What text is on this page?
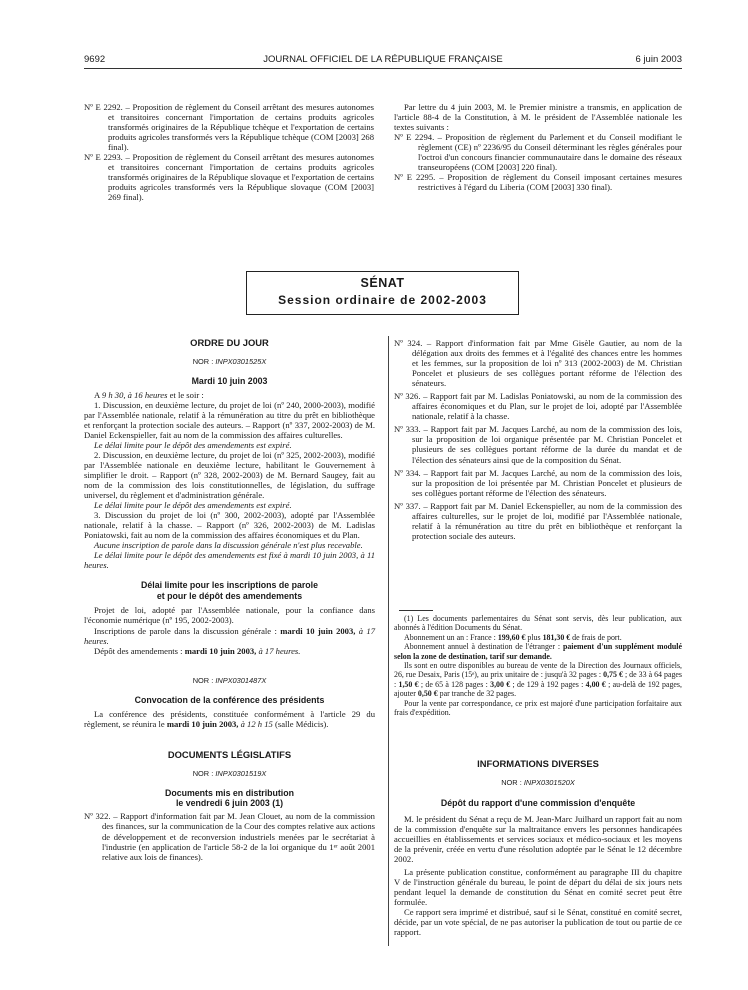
9692	JOURNAL OFFICIEL DE LA RÉPUBLIQUE FRANÇAISE	6 juin 2003

Nº E 2292. – Proposition de règlement du Conseil arrêtant des mesures autonomes et transitoires concernant l'importation de certains produits agricoles transformés originaires de la République tchèque et l'exportation de certains produits agricoles transformés vers la République tchèque (COM [2003] 268 final).

Nº E 2293. – Proposition de règlement du Conseil arrêtant des mesures autonomes et transitoires concernant l'importation de certains produits agricoles transformés originaires de la République slovaque et l'exportation de certains produits agricoles transformés vers la République slovaque (COM [2003] 269 final).

Par lettre du 4 juin 2003, M. le Premier ministre a transmis, en application de l'article 88-4 de la Constitution, à M. le président de l'Assemblée nationale les textes suivants :

Nº E 2294. – Proposition de règlement du Parlement et du Conseil modifiant le règlement (CE) nº 2236/95 du Conseil déterminant les règles générales pour l'octroi d'un concours financier communautaire dans le domaine des réseaux transeuropéens (COM [2003] 220 final).

Nº E 2295. – Proposition de règlement du Conseil imposant certaines mesures restrictives à l'égard du Liberia (COM [2003] 330 final).

SÉNAT
Session ordinaire de 2002-2003

ORDRE DU JOUR

NOR : INPX0301525X

Mardi 10 juin 2003

A 9 h 30, à 16 heures et le soir :

1. Discussion, en deuxième lecture, du projet de loi (nº 240, 2000-2003), modifié par l'Assemblée nationale, relatif à la rémunération au titre du prêt en bibliothèque et renforçant la protection sociale des auteurs. – Rapport (nº 337, 2002-2003) de M. Daniel Eckenspieller, fait au nom de la commission des affaires culturelles.

Le délai limite pour le dépôt des amendements est expiré.

2. Discussion, en deuxième lecture, du projet de loi (nº 325, 2002-2003), modifié par l'Assemblée nationale en deuxième lecture, habilitant le Gouvernement à simplifier le droit. – Rapport (nº 328, 2002-2003) de M. Bernard Saugey, fait au nom de la commission des lois constitutionnelles, de législation, du suffrage universel, du règlement et d'administration générale.

Le délai limite pour le dépôt des amendements est expiré.

3. Discussion du projet de loi (nº 300, 2002-2003), adopté par l'Assemblée nationale, relatif à la chasse. – Rapport (nº 326, 2002-2003) de M. Ladislas Poniatowski, fait au nom de la commission des affaires économiques et du Plan.

Aucune inscription de parole dans la discussion générale n'est plus recevable.

Le délai limite pour le dépôt des amendements est fixé à mardi 10 juin 2003, à 11 heures.

Délai limite pour les inscriptions de parole
et pour le dépôt des amendements

Projet de loi, adopté par l'Assemblée nationale, pour la confiance dans l'économie numérique (nº 195, 2002-2003).

Inscriptions de parole dans la discussion générale : mardi 10 juin 2003, à 17 heures.

Dépôt des amendements : mardi 10 juin 2003, à 17 heures.

NOR : INPX0301487X

Convocation de la conférence des présidents

La conférence des présidents, constituée conformément à l'article 29 du règlement, se réunira le mardi 10 juin 2003, à 12 h 15 (salle Médicis).

DOCUMENTS LÉGISLATIFS

NOR : INPX0301519X

Documents mis en distribution
le vendredi 6 juin 2003 (1)

Nº 322. – Rapport d'information fait par M. Jean Clouet, au nom de la commission des finances, sur la communication de la Cour des comptes relative aux actions de développement et de reconversion industriels menées par le secrétariat à l'industrie (en application de l'article 58-2 de la loi organique du 1ᵉʳ août 2001 relative aux lois de finances).

Nº 324. – Rapport d'information fait par Mme Gisèle Gautier, au nom de la délégation aux droits des femmes et à l'égalité des chances entre les hommes et les femmes, sur la proposition de loi nº 313 (2002-2003) de M. Christian Poncelet et plusieurs de ses collègues portant réforme de l'élection des sénateurs.

Nº 326. – Rapport fait par M. Ladislas Poniatowski, au nom de la commission des affaires économiques et du Plan, sur le projet de loi, adopté par l'Assemblée nationale, relatif à la chasse.

Nº 333. – Rapport fait par M. Jacques Larché, au nom de la commission des lois, sur la proposition de loi organique présentée par M. Christian Poncelet et plusieurs de ses collègues portant réforme de la durée du mandat et de l'élection des sénateurs ainsi que de la composition du Sénat.

Nº 334. – Rapport fait par M. Jacques Larché, au nom de la commission des lois, sur la proposition de loi présentée par M. Christian Poncelet et plusieurs de ses collègues portant réforme de l'élection des sénateurs.

Nº 337. – Rapport fait par M. Daniel Eckenspieller, au nom de la commission des affaires culturelles, sur le projet de loi, modifié par l'Assemblée nationale, relatif à la rémunération au titre du prêt en bibliothèque et renforçant la protection sociale des auteurs.

(1) Les documents parlementaires du Sénat sont servis, dès leur publication, aux abonnés à l'édition Documents du Sénat.

Abonnement un an : France : 199,60 € plus 181,30 € de frais de port.

Abonnement annuel à destination de l'étranger : paiement d'un supplément modulé selon la zone de destination, tarif sur demande.

Ils sont en outre disponibles au bureau de vente de la Direction des Journaux officiels, 26, rue Desaix, Paris (15ᵉ), au prix unitaire de : jusqu'à 32 pages : 0,75 € ; de 33 à 64 pages : 1,50 € ; de 65 à 128 pages : 3,00 € ; de 129 à 192 pages : 4,00 € ; au-delà de 192 pages, ajouter 0,50 € par tranche de 32 pages.

Pour la vente par correspondance, ce prix est majoré d'une participation forfaitaire aux frais d'expédition.

INFORMATIONS DIVERSES

NOR : INPX0301520X

Dépôt du rapport d'une commission d'enquête

M. le président du Sénat a reçu de M. Jean-Marc Juilhard un rapport fait au nom de la commission d'enquête sur la maltraitance envers les personnes handicapées accueillies en établissements et services sociaux et médico-sociaux et les moyens de la prévenir, créée en vertu d'une résolution adoptée par le Sénat le 12 décembre 2002.

La présente publication constitue, conformément au paragraphe III du chapitre V de l'instruction générale du bureau, le point de départ du délai de six jours nets pendant lequel la demande de constitution du Sénat en comité secret peut être formulée.

Ce rapport sera imprimé et distribué, sauf si le Sénat, constitué en comité secret, décide, par un vote spécial, de ne pas autoriser la publication de tout ou partie de ce rapport.
